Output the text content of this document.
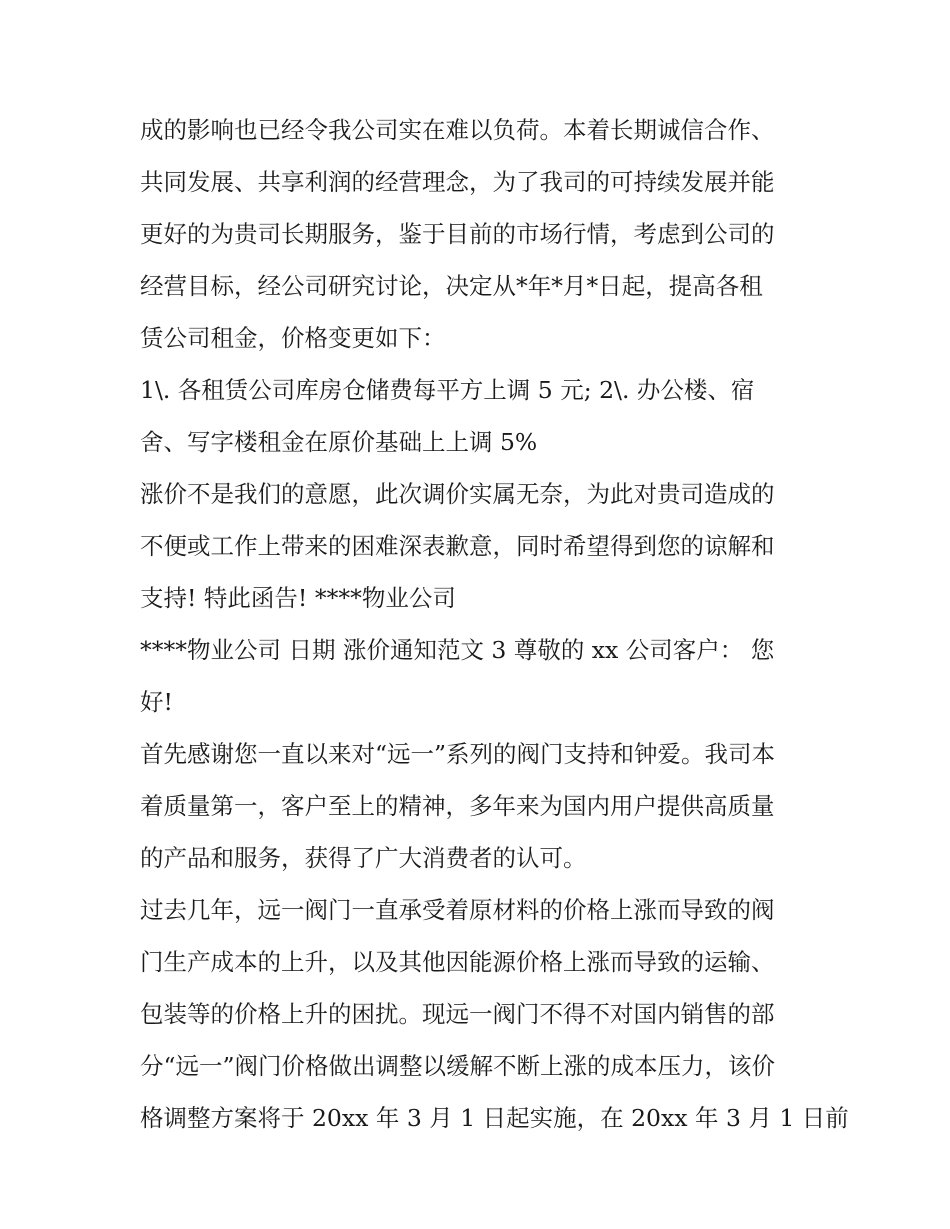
成的影响也已经令我公司实在难以负荷。本着长期诚信合作、
共同发展、共享利润的经营理念，为了我司的可持续发展并能
更好的为贵司长期服务，鉴于目前的市场行情，考虑到公司的
经营目标，经公司研究讨论，决定从*年*月*日起，提高各租
赁公司租金，价格变更如下：
1\. 各租赁公司库房仓储费每平方上调 5 元; 2\. 办公楼、宿
舍、写字楼租金在原价基础上上调 5%
涨价不是我们的意愿，此次调价实属无奈，为此对贵司造成的
不便或工作上带来的困难深表歉意，同时希望得到您的谅解和
支持! 特此函告! ****物业公司
****物业公司 日期 涨价通知范文 3 尊敬的 xx 公司客户： 您
好!
首先感谢您一直以来对“远一”系列的阀门支持和钟爱。我司本
着质量第一，客户至上的精神，多年来为国内用户提供高质量
的产品和服务，获得了广大消费者的认可。
过去几年，远一阀门一直承受着原材料的价格上涨而导致的阀
门生产成本的上升，以及其他因能源价格上涨而导致的运输、
包装等的价格上升的困扰。现远一阀门不得不对国内销售的部
分“远一”阀门价格做出调整以缓解不断上涨的成本压力，该价
格调整方案将于 20xx 年 3 月 1 日起实施，在 20xx 年 3 月 1 日前
